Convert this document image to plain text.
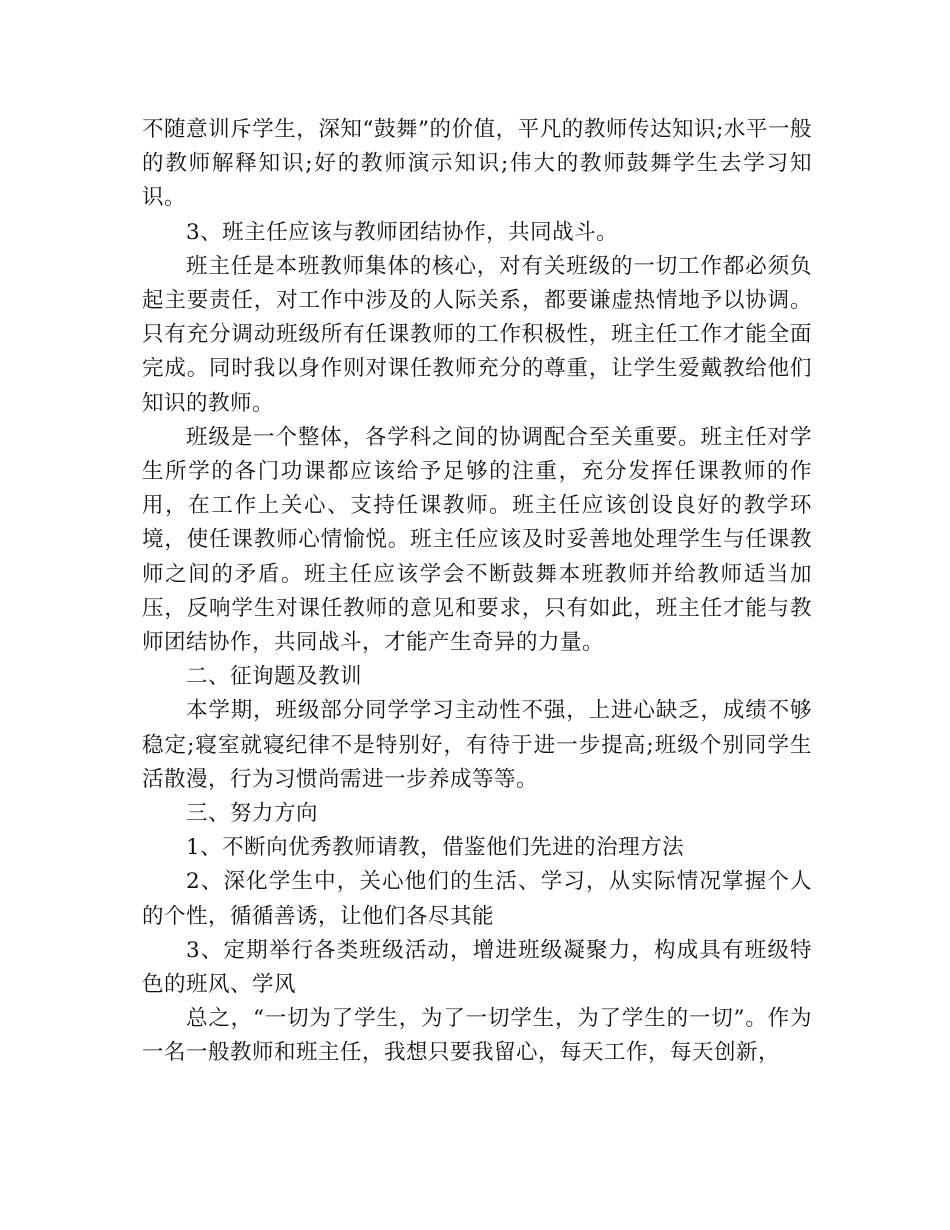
不随意训斥学生，深知“鼓舞”的价值，平凡的教师传达知识;水平一般的教师解释知识;好的教师演示知识;伟大的教师鼓舞学生去学习知识。

3、班主任应该与教师团结协作，共同战斗。

班主任是本班教师集体的核心，对有关班级的一切工作都必须负起主要责任，对工作中涉及的人际关系，都要谦虚热情地予以协调。只有充分调动班级所有任课教师的工作积极性，班主任工作才能全面完成。同时我以身作则对课任教师充分的尊重，让学生爱戴教给他们知识的教师。

班级是一个整体，各学科之间的协调配合至关重要。班主任对学生所学的各门功课都应该给予足够的注重，充分发挥任课教师的作用，在工作上关心、支持任课教师。班主任应该创设良好的教学环境，使任课教师心情愉悦。班主任应该及时妥善地处理学生与任课教师之间的矛盾。班主任应该学会不断鼓舞本班教师并给教师适当加压，反响学生对课任教师的意见和要求，只有如此，班主任才能与教师团结协作，共同战斗，才能产生奇异的力量。

二、征询题及教训

本学期，班级部分同学学习主动性不强，上进心缺乏，成绩不够稳定;寝室就寝纪律不是特别好，有待于进一步提高;班级个别同学生活散漫，行为习惯尚需进一步养成等等。

三、努力方向

1、不断向优秀教师请教，借鉴他们先进的治理方法

2、深化学生中，关心他们的生活、学习，从实际情况掌握个人的个性，循循善诱，让他们各尽其能

3、定期举行各类班级活动，增进班级凝聚力，构成具有班级特色的班风、学风

总之，“一切为了学生，为了一切学生，为了学生的一切”。作为一名一般教师和班主任，我想只要我留心，每天工作，每天创新，
